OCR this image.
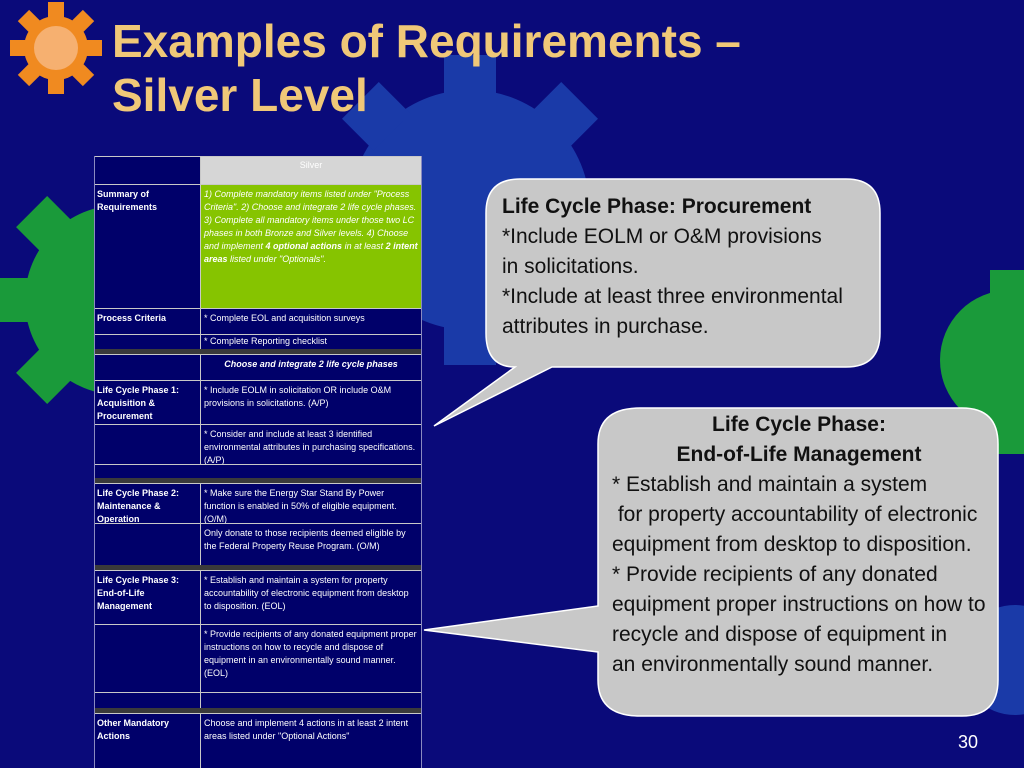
Examples of Requirements –
Silver Level
Silver
Summary of Requirements
1) Complete mandatory items listed under "Process Criteria". 2) Choose and integrate 2 life cycle phases. 3) Complete all mandatory items under those two LC phases in both Bronze and Silver levels. 4) Choose and implement 4 optional actions in at least 2 intent areas listed under "Optionals".
Process Criteria	* Complete EOL and acquisition surveys
* Complete Reporting checklist
Choose and integrate 2 life cycle phases
Life Cycle Phase 1: Acquisition & Procurement
* Include EOLM in solicitation OR include O&M provisions in solicitations. (A/P)
* Consider and include at least 3 identified environmental attributes in purchasing specifications. (A/P)
Life Cycle Phase 2: Maintenance & Operation
* Make sure the Energy Star Stand By Power function is enabled in 50% of eligible equipment. (O/M)
Only donate to those recipients deemed eligible by the Federal Property Reuse Program. (O/M)
Life Cycle Phase 3: End-of-Life Management
* Establish and maintain a system for property accountability of electronic equipment from desktop to disposition. (EOL)
* Provide recipients of any donated equipment proper instructions on how to recycle and dispose of equipment in an environmentally sound manner. (EOL)
Other Mandatory Actions
Choose and implement 4 actions in at least 2 intent areas listed under "Optional Actions"
Life Cycle Phase: Procurement
*Include EOLM or O&M provisions
in solicitations.
*Include at least three environmental
attributes in purchase.
Life Cycle Phase:
End-of-Life Management
* Establish and maintain a system
for property accountability of electronic
equipment from desktop to disposition.
* Provide recipients of any donated
equipment proper instructions on how to
recycle and dispose of equipment in
an environmentally sound manner.
30
